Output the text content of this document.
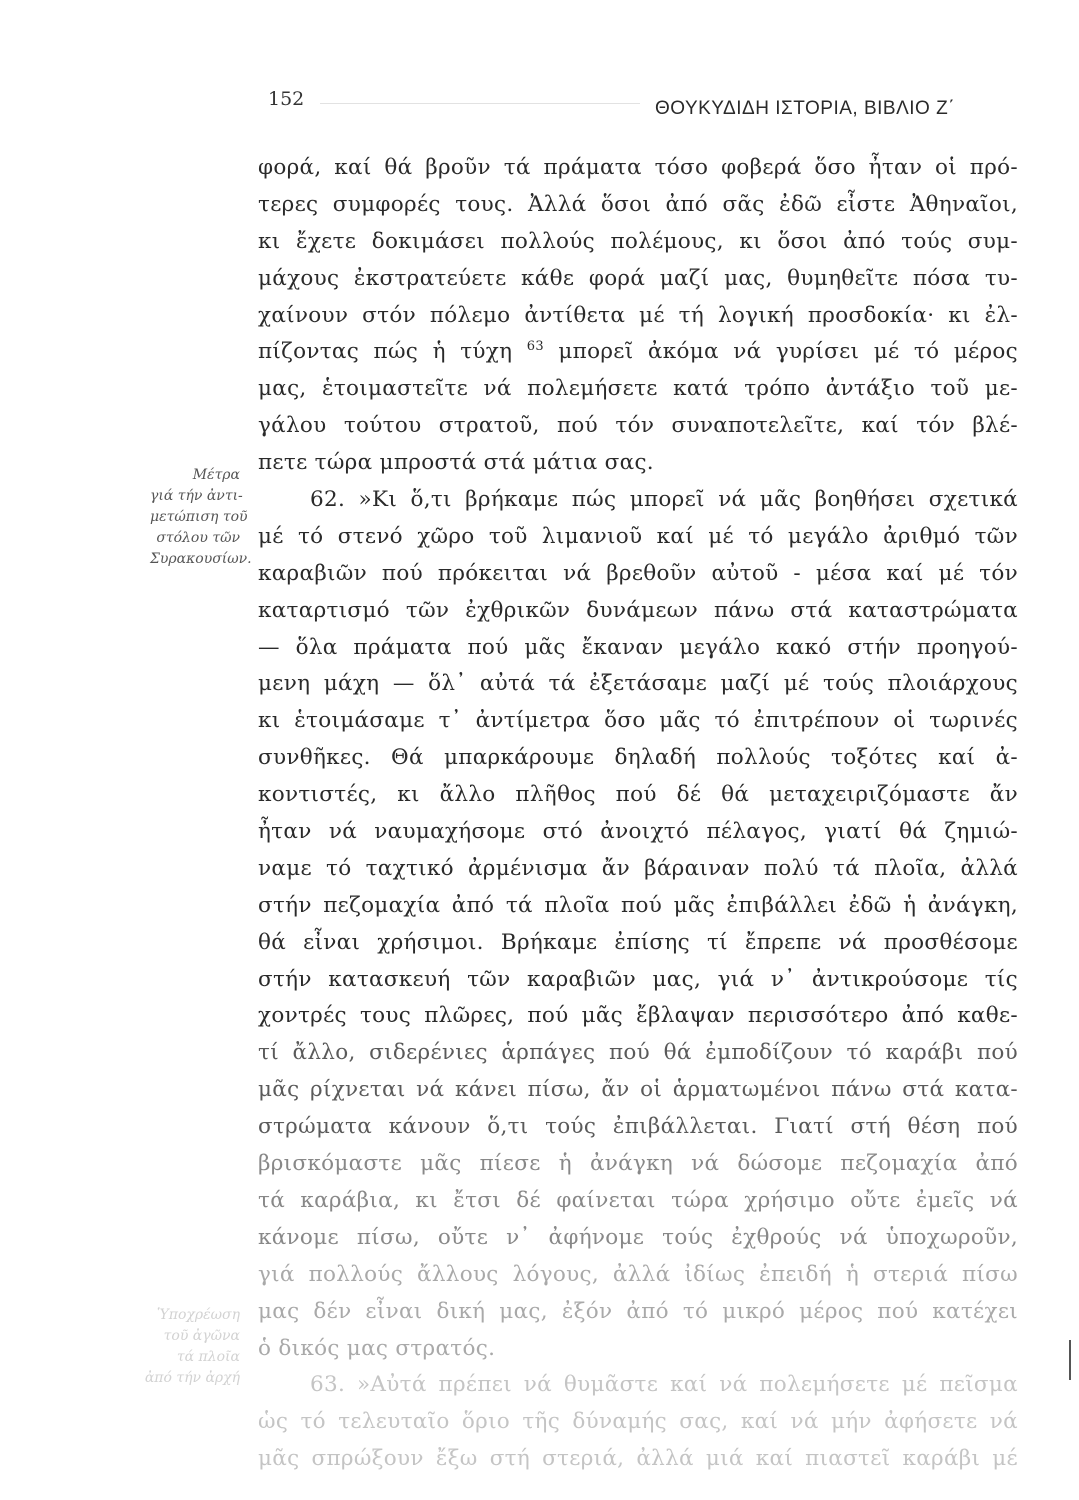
152	ΘΟΥΚΥΔΙΔΗ ΙΣΤΟΡΙΑ, ΒΙΒΛΙΟ Ζ΄
Μέτρα
γιά τήν ἀντι-
μετώπιση τοῦ
στόλου τῶν
Συρακουσίων.
Ὑποχρέωση
τοῦ ἀγῶνα
τά πλοῖα
ἀπό τήν ἀρχή
φορά, καί θά βροῦν τά πράματα τόσο φοβερά ὅσο ἦταν οἱ πρό-
τερες συμφορές τους. Ἀλλά ὅσοι ἀπό σᾶς ἐδῶ εἶστε Ἀθηναῖοι,
κι ἔχετε δοκιμάσει πολλούς πολέμους, κι ὅσοι ἀπό τούς συμ-
μάχους ἐκστρατεύετε κάθε φορά μαζί μας, θυμηθεῖτε πόσα τυ-
χαίνουν στόν πόλεμο ἀντίθετα μέ τή λογική προσδοκία· κι ἐλ-
πίζοντας πώς ἡ τύχη $^{63}$ μπορεῖ ἀκόμα νά γυρίσει μέ τό μέρος
μας, ἑτοιμαστεῖτε νά πολεμήσετε κατά τρόπο ἀντάξιο τοῦ με-
γάλου τούτου στρατοῦ, πού τόν συναποτελεῖτε, καί τόν βλέ-
πετε τώρα μπροστά στά μάτια σας.
62. »Κι ὅ,τι βρήκαμε πώς μπορεῖ νά μᾶς βοηθήσει σχετικά
μέ τό στενό χῶρο τοῦ λιμανιοῦ καί μέ τό μεγάλο ἀριθμό τῶν
καραβιῶν πού πρόκειται νά βρεθοῦν αὐτοῦ - μέσα καί μέ τόν
καταρτισμό τῶν ἐχθρικῶν δυνάμεων πάνω στά καταστρώματα
— ὅλα πράματα πού μᾶς ἔκαναν μεγάλο κακό στήν προηγού-
μενη μάχη — ὅλ᾽ αὐτά τά ἐξετάσαμε μαζί μέ τούς πλοιάρχους
κι ἑτοιμάσαμε τ᾽ ἀντίμετρα ὅσο μᾶς τό ἐπιτρέπουν οἱ τωρινές
συνθῆκες. Θά μπαρκάρουμε δηλαδή πολλούς τοξότες καί ἀ-
κοντιστές, κι ἄλλο πλῆθος πού δέ θά μεταχειριζόμαστε ἄν
ἦταν νά ναυμαχήσομε στό ἀνοιχτό πέλαγος, γιατί θά ζημιώ-
ναμε τό ταχτικό ἀρμένισμα ἄν βάραιναν πολύ τά πλοῖα, ἀλλά
στήν πεζομαχία ἀπό τά πλοῖα πού μᾶς ἐπιβάλλει ἐδῶ ἡ ἀνάγκη,
θά εἶναι χρήσιμοι. Βρήκαμε ἐπίσης τί ἔπρεπε νά προσθέσομε
στήν κατασκευή τῶν καραβιῶν μας, γιά ν᾽ ἀντικρούσομε τίς
χοντρές τους πλῶρες, πού μᾶς ἔβλαψαν περισσότερο ἀπό καθε-
τί ἄλλο, σιδερένιες ἁρπάγες πού θά ἐμποδίζουν τό καράβι πού
μᾶς ρίχνεται νά κάνει πίσω, ἄν οἱ ἁρματωμένοι πάνω στά κατα-
στρώματα κάνουν ὅ,τι τούς ἐπιβάλλεται. Γιατί στή θέση πού
βρισκόμαστε μᾶς πίεσε ἡ ἀνάγκη νά δώσομε πεζομαχία ἀπό
τά καράβια, κι ἔτσι δέ φαίνεται τώρα χρήσιμο οὔτε ἐμεῖς νά
κάνομε πίσω, οὔτε ν᾽ ἀφήνομε τούς ἐχθρούς νά ὑποχωροῦν,
γιά πολλούς ἄλλους λόγους, ἀλλά ἰδίως ἐπειδή ἡ στεριά πίσω
μας δέν εἶναι δική μας, ἐξόν ἀπό τό μικρό μέρος πού κατέχει
ὁ δικός μας στρατός.
63. »Αὐτά πρέπει νά θυμᾶστε καί νά πολεμήσετε μέ πεῖσμα
ὡς τό τελευταῖο ὅριο τῆς δύναμής σας, καί νά μήν ἀφήσετε νά
μᾶς σπρώξουν ἔξω στή στεριά, ἀλλά μιά καί πιαστεῖ καράβι μέ
